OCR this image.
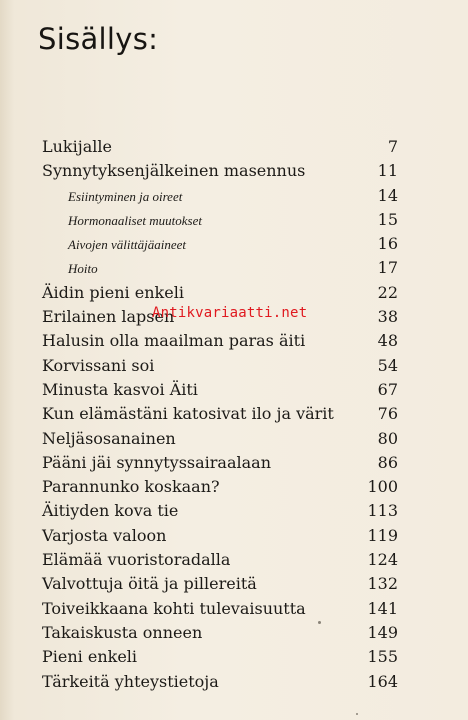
Sisällys:
Lukijalle	7
Synnytyksenjälkeinen masennus	11
Esiintyminen ja oireet	14
Hormonaaliset muutokset	15
Aivojen välittäjäaineet	16
Hoito	17
Äidin pieni enkeli	22
Erilainen lapsen	38
Halusin olla maailman paras äiti	48
Korvissani soi	54
Minusta kasvoi Äiti	67
Kun elämästäni katosivat ilo ja värit	76
Neljäsosanainen	80
Pääni jäi synnytyssairaalaan	86
Parannunko koskaan?	100
Äitiyden kova tie	113
Varjosta valoon	119
Elämää vuoristoradalla	124
Valvottuja öitä ja pillereitä	132
Toiveikkaana kohti tulevaisuutta	141
Takaiskusta onneen	149
Pieni enkeli	155
Tärkeitä yhteystietoja	164
Antikvariaatti.net
